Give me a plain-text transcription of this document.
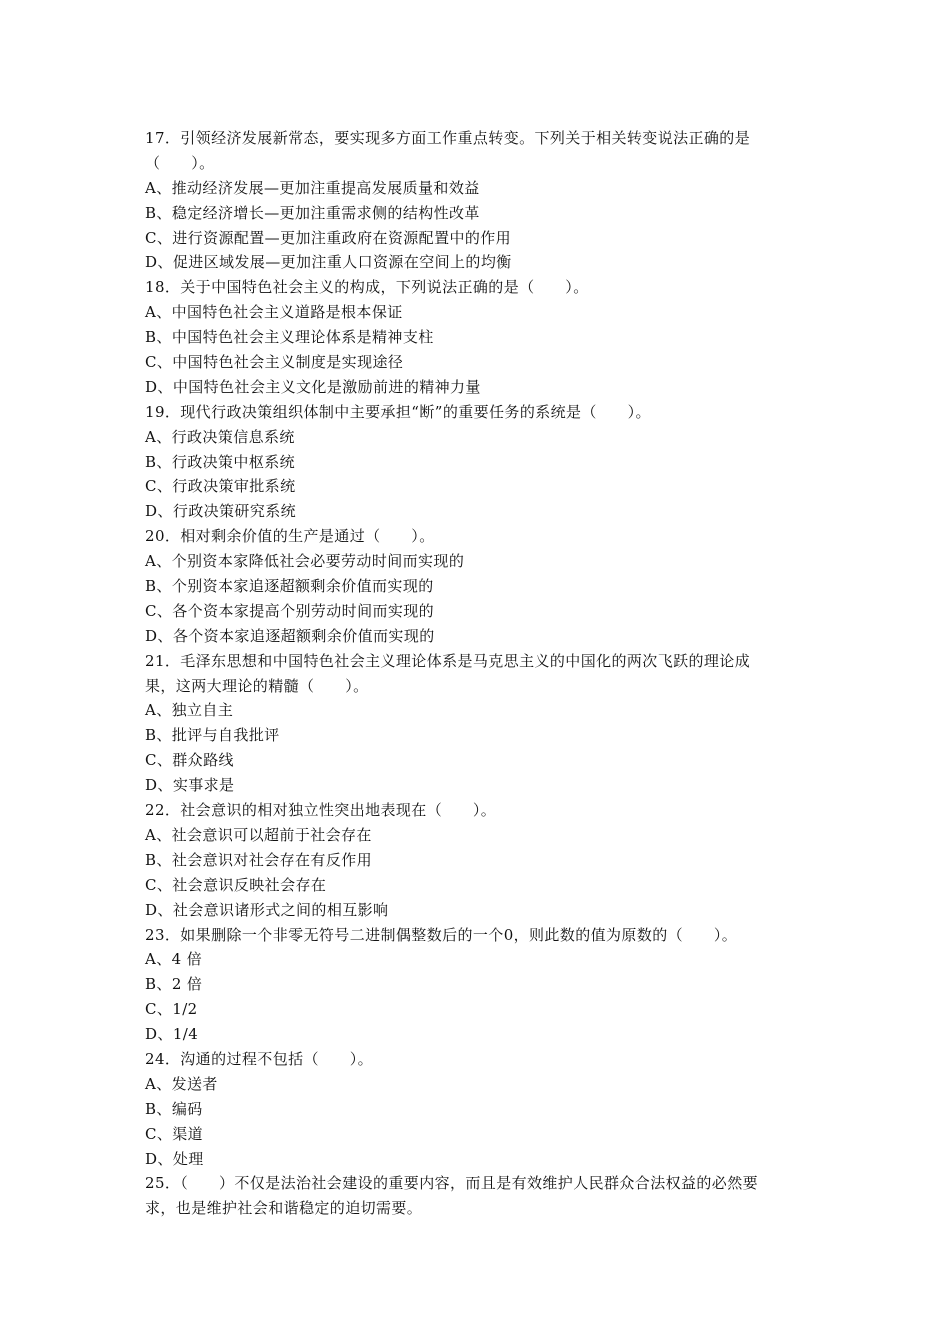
17．引领经济发展新常态，要实现多方面工作重点转变。下列关于相关转变说法正确的是
（　　）。
A、推动经济发展—更加注重提高发展质量和效益
B、稳定经济增长—更加注重需求侧的结构性改革
C、进行资源配置—更加注重政府在资源配置中的作用
D、促进区域发展—更加注重人口资源在空间上的均衡
18．关于中国特色社会主义的构成，下列说法正确的是（　　）。
A、中国特色社会主义道路是根本保证
B、中国特色社会主义理论体系是精神支柱
C、中国特色社会主义制度是实现途径
D、中国特色社会主义文化是激励前进的精神力量
19．现代行政决策组织体制中主要承担“断”的重要任务的系统是（　　）。
A、行政决策信息系统
B、行政决策中枢系统
C、行政决策审批系统
D、行政决策研究系统
20．相对剩余价值的生产是通过（　　）。
A、个别资本家降低社会必要劳动时间而实现的
B、个别资本家追逐超额剩余价值而实现的
C、各个资本家提高个别劳动时间而实现的
D、各个资本家追逐超额剩余价值而实现的
21．毛泽东思想和中国特色社会主义理论体系是马克思主义的中国化的两次飞跃的理论成
果，这两大理论的精髓（　　）。
A、独立自主
B、批评与自我批评
C、群众路线
D、实事求是
22．社会意识的相对独立性突出地表现在（　　）。
A、社会意识可以超前于社会存在
B、社会意识对社会存在有反作用
C、社会意识反映社会存在
D、社会意识诸形式之间的相互影响
23．如果删除一个非零无符号二进制偶整数后的一个0，则此数的值为原数的（　　）。
A、4 倍
B、2 倍
C、1/2
D、1/4
24．沟通的过程不包括（　　）。
A、发送者
B、编码
C、渠道
D、处理
25．（　　）不仅是法治社会建设的重要内容，而且是有效维护人民群众合法权益的必然要
求，也是维护社会和谐稳定的迫切需要。
